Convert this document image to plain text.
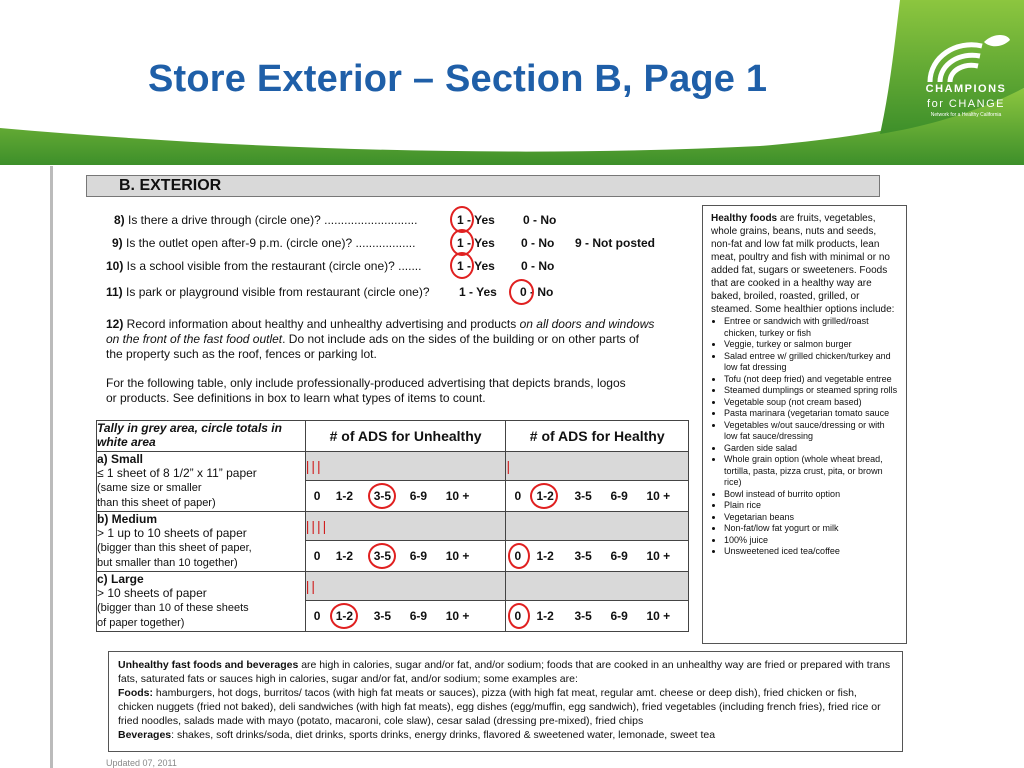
Store Exterior – Section B, Page 1	CHAMPIONS
for CHANGE
Network for a Healthy California
B. EXTERIOR
8) Is there a drive through (circle one)? ............................	1 - Yes 0 - No
9) Is the outlet open after-9 p.m. (circle one)? ..................	1 - Yes 0 - No 9 - Not posted
10) Is a school visible from the restaurant (circle one)? .......	1 - Yes 0 - No
11) Is park or playground visible from restaurant (circle one)? 1 - Yes 0 - No
12) Record information about healthy and unhealthy advertising and products on all doors and windows on the front of the fast food outlet. Do not include ads on the sides of the building or on other parts of the property such as the roof, fences or parking lot.
For the following table, only include professionally-produced advertising that depicts brands, logos or products. See definitions in box to learn what types of items to count.
Tally in grey area, circle totals in white area	# of ADS for Unhealthy	# of ADS for Healthy
a) Small
≤ 1 sheet of 8 1/2” x 11” paper
(same size or smaller
than this sheet of paper)	|||	|

	0 1-2 3-5 6-9 10 +	0 1-2 3-5 6-9 10 +

b) Medium
> 1 up to 10 sheets of paper
(bigger than this sheet of paper,
but smaller than 10 together)	||||	

	0 1-2 3-5 6-9 10 +	0 1-2 3-5 6-9 10 +

c) Large
> 10 sheets of paper
(bigger than 10 of these sheets
of paper together)	||	

	0 1-2 3-5 6-9 10 +	0 1-2 3-5 6-9 10 +
Healthy foods are fruits, vegetables, whole grains, beans, nuts and seeds, non-fat and low fat milk products, lean meat, poultry and fish with minimal or no added fat, sugars or sweeteners. Foods that are cooked in a healthy way are baked, broiled, roasted, grilled, or steamed. Some healthier options include:
• Entree or sandwich with grilled/roast chicken, turkey or fish
• Veggie, turkey or salmon burger
• Salad entree w/ grilled chicken/turkey and low fat dressing
• Tofu (not deep fried) and vegetable entree
• Steamed dumplings or steamed spring rolls
• Vegetable soup (not cream based)
• Pasta marinara (vegetarian tomato sauce
• Vegetables w/out sauce/dressing or with low fat sauce/dressing
• Garden side salad
• Whole grain option (whole wheat bread, tortilla, pasta, pizza crust, pita, or brown rice)
• Bowl instead of burrito option
• Plain rice
• Vegetarian beans
• Non-fat/low fat yogurt or milk
• 100% juice
• Unsweetened iced tea/coffee
Unhealthy fast foods and beverages are high in calories, sugar and/or fat, and/or sodium; foods that are cooked in an unhealthy way are fried or prepared with trans fats, saturated fats or sauces high in calories, sugar and/or fat, and/or sodium; some examples are:
Foods: hamburgers, hot dogs, burritos/ tacos (with high fat meats or sauces), pizza (with high fat meat, regular amt. cheese or deep dish), fried chicken or fish, chicken nuggets (fried not baked), deli sandwiches (with high fat meats), egg dishes (egg/muffin, egg sandwich), fried vegetables (including french fries), fried rice or fried noodles, salads made with mayo (potato, macaroni, cole slaw), cesar salad (dressing pre-mixed), fried chips
Beverages: shakes, soft drinks/soda, diet drinks, sports drinks, energy drinks, flavored & sweetened water, lemonade, sweet tea
Updated 07, 2011
